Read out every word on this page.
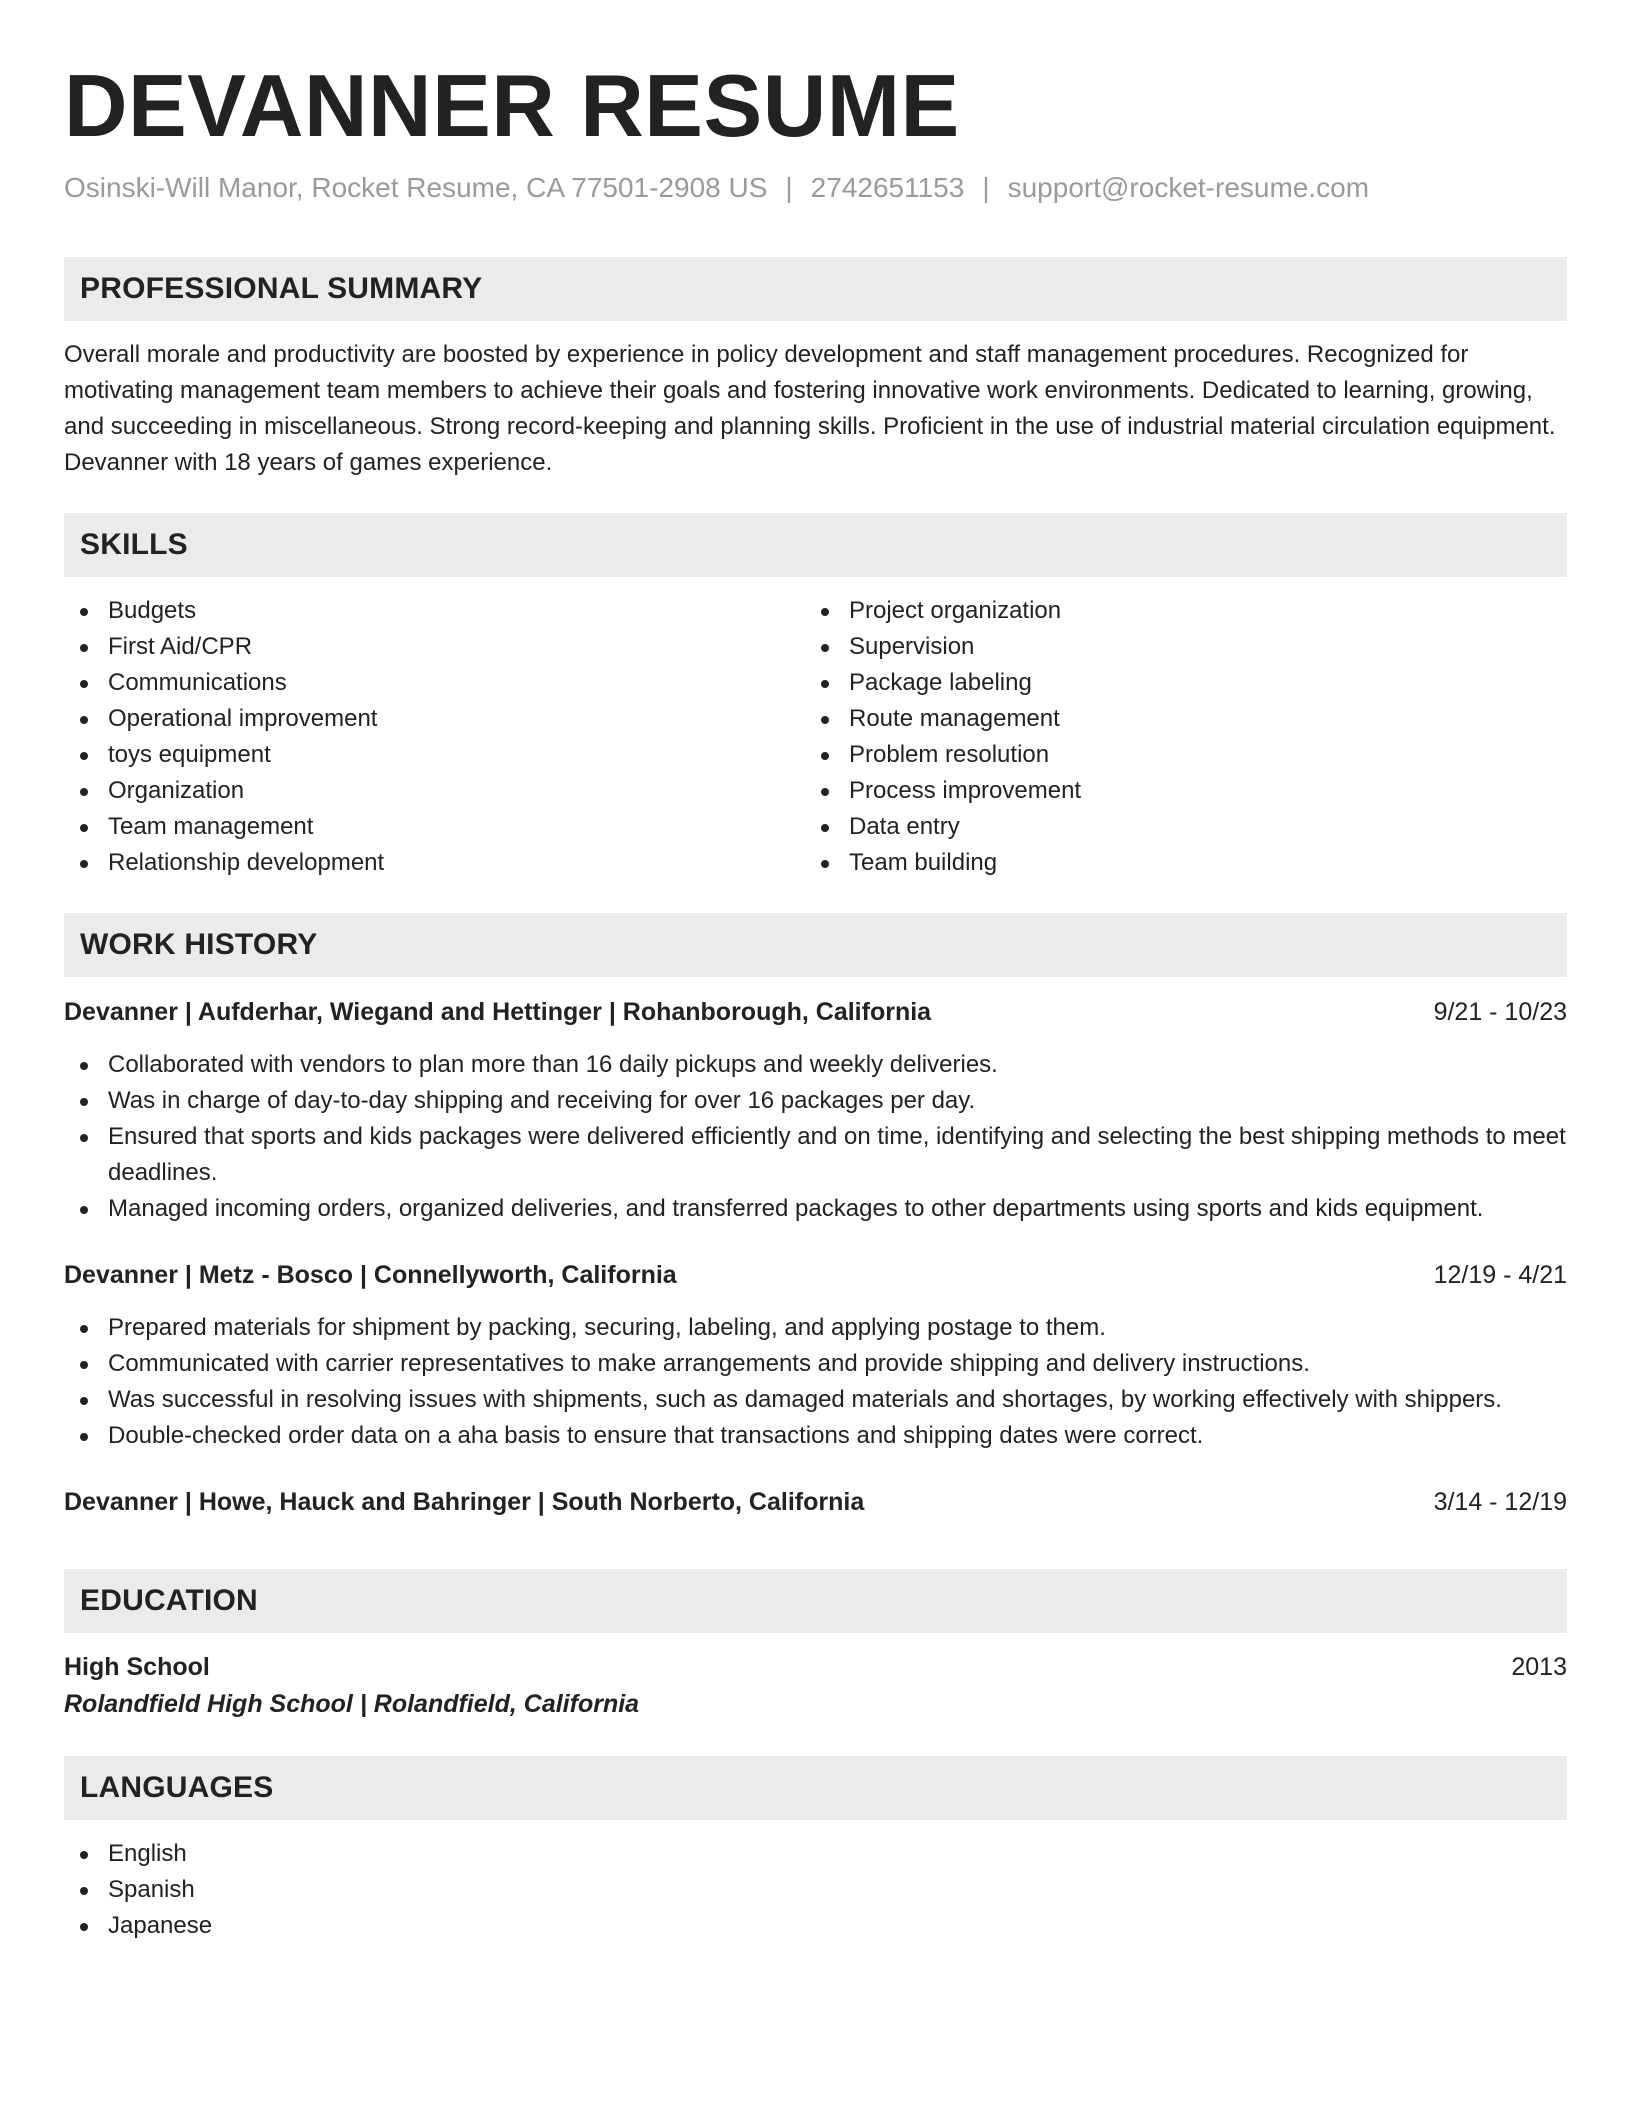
DEVANNER RESUME
Osinski-Will Manor, Rocket Resume, CA 77501-2908 US | 2742651153 | support@rocket-resume.com
PROFESSIONAL SUMMARY

Overall morale and productivity are boosted by experience in policy development and staff management procedures. Recognized for motivating management team members to achieve their goals and fostering innovative work environments. Dedicated to learning, growing, and succeeding in miscellaneous. Strong record-keeping and planning skills. Proficient in the use of industrial material circulation equipment. Devanner with 18 years of games experience.

SKILLS
Budgets
First Aid/CPR
Communications
Operational improvement
toys equipment
Organization
Team management
Relationship development
Project organization
Supervision
Package labeling
Route management
Problem resolution
Process improvement
Data entry
Team building
WORK HISTORY
Devanner | Aufderhar, Wiegand and Hettinger | Rohanborough, California	9/21 - 10/23
Collaborated with vendors to plan more than 16 daily pickups and weekly deliveries.
Was in charge of day-to-day shipping and receiving for over 16 packages per day.
Ensured that sports and kids packages were delivered efficiently and on time, identifying and selecting the best shipping methods to meet deadlines.
Managed incoming orders, organized deliveries, and transferred packages to other departments using sports and kids equipment.
Devanner | Metz - Bosco | Connellyworth, California	12/19 - 4/21
Prepared materials for shipment by packing, securing, labeling, and applying postage to them.
Communicated with carrier representatives to make arrangements and provide shipping and delivery instructions.
Was successful in resolving issues with shipments, such as damaged materials and shortages, by working effectively with shippers.
Double-checked order data on a aha basis to ensure that transactions and shipping dates were correct.
Devanner | Howe, Hauck and Bahringer | South Norberto, California	3/14 - 12/19
EDUCATION
High School	2013
Rolandfield High School | Rolandfield, California
LANGUAGES
English
Spanish
Japanese
